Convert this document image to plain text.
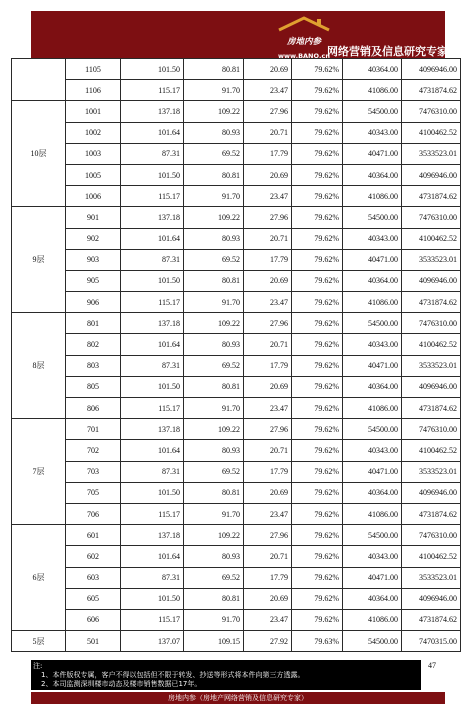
房地内参
www.BANQ.cn
网络营销及信息研究专家
	1105	101.50	80.81	20.69	79.62%	40364.00	4096946.00
	1106	115.17	91.70	23.47	79.62%	41086.00	4731874.62
10层	1001	137.18	109.22	27.96	79.62%	54500.00	7476310.00
	1002	101.64	80.93	20.71	79.62%	40343.00	4100462.52
	1003	87.31	69.52	17.79	79.62%	40471.00	3533523.01
	1005	101.50	80.81	20.69	79.62%	40364.00	4096946.00
	1006	115.17	91.70	23.47	79.62%	41086.00	4731874.62
9层	901	137.18	109.22	27.96	79.62%	54500.00	7476310.00
	902	101.64	80.93	20.71	79.62%	40343.00	4100462.52
	903	87.31	69.52	17.79	79.62%	40471.00	3533523.01
	905	101.50	80.81	20.69	79.62%	40364.00	4096946.00
	906	115.17	91.70	23.47	79.62%	41086.00	4731874.62
8层	801	137.18	109.22	27.96	79.62%	54500.00	7476310.00
	802	101.64	80.93	20.71	79.62%	40343.00	4100462.52
	803	87.31	69.52	17.79	79.62%	40471.00	3533523.01
	805	101.50	80.81	20.69	79.62%	40364.00	4096946.00
	806	115.17	91.70	23.47	79.62%	41086.00	4731874.62
7层	701	137.18	109.22	27.96	79.62%	54500.00	7476310.00
	702	101.64	80.93	20.71	79.62%	40343.00	4100462.52
	703	87.31	69.52	17.79	79.62%	40471.00	3533523.01
	705	101.50	80.81	20.69	79.62%	40364.00	4096946.00
	706	115.17	91.70	23.47	79.62%	41086.00	4731874.62
6层	601	137.18	109.22	27.96	79.62%	54500.00	7476310.00
	602	101.64	80.93	20.71	79.62%	40343.00	4100462.52
	603	87.31	69.52	17.79	79.62%	40471.00	3533523.01
	605	101.50	80.81	20.69	79.62%	40364.00	4096946.00
	606	115.17	91.70	23.47	79.62%	41086.00	4731874.62
5层	501	137.07	109.15	27.92	79.63%	54500.00	7470315.00
注:
1、本件版权专属，客户不得以包括但不限于转发、抄送等形式将本件向第三方透露。
2、本司监测深圳楼市动态及楼市销售数据已17年。
47
房地内参（房地产网络营销及信息研究专家）
